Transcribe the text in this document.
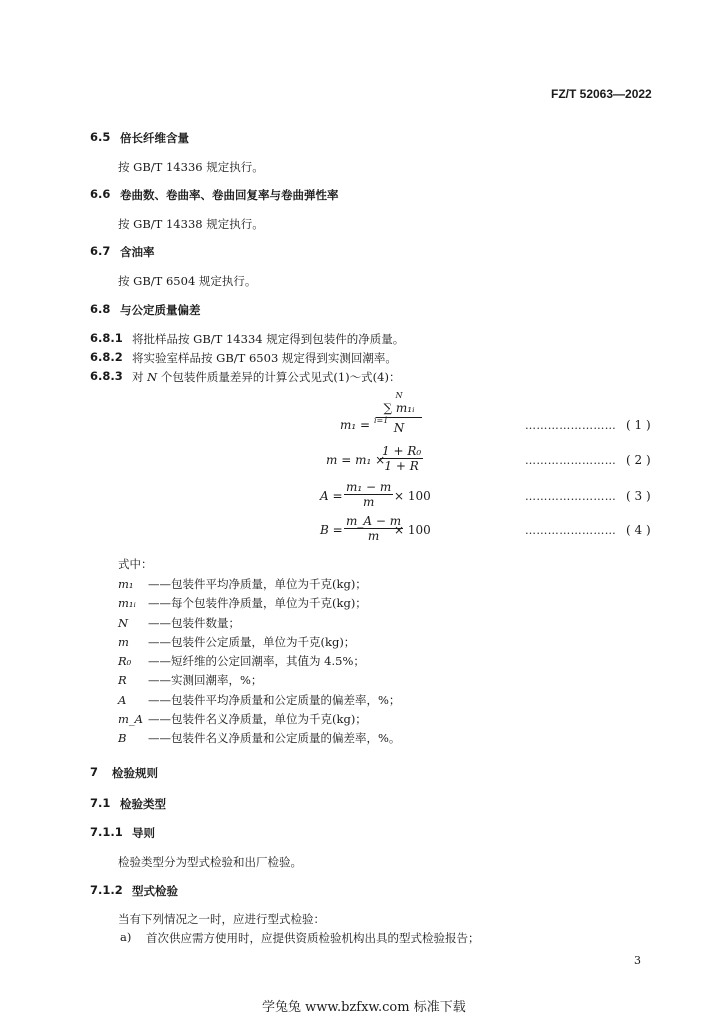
FZ/T 52063—2022
6.5 倍长纤维含量
按 GB/T 14336 规定执行。
6.6 卷曲数、卷曲率、卷曲回复率与卷曲弹性率
按 GB/T 14338 规定执行。
6.7 含油率
按 GB/T 6504 规定执行。
6.8 与公定质量偏差
6.8.1 将批样品按 GB/T 14334 规定得到包装件的净质量。
6.8.2 将实验室样品按 GB/T 6503 规定得到实测回潮率。
6.8.3 对 N 个包装件质量差异的计算公式见式(1)～式(4)：
m₁ =
N
∑ m₁ᵢ
i=1
N	…………………… ( 1 )
m = m₁ ×
$\frac{\text{1 + R₀}}{1 + R}$	…………………… ( 2 )
$A = \frac{\text{m₁ − m}}{m} \times 100$	…………………… ( 3 )
$B = \frac{m\_A - m}{m}$
× 100	…………………… ( 4 )
式中：
m₁ ——包装件平均净质量，单位为千克(kg)；
m₁ᵢ ——每个包装件净质量，单位为千克(kg)；
N ——包装件数量；
m ——包装件公定质量，单位为千克(kg)；
R₀ ——短纤维的公定回潮率，其值为 4.5%；
R ——实测回潮率，%；
A ——包装件平均净质量和公定质量的偏差率，%；
m_A ——包装件名义净质量，单位为千克(kg)；
B ——包装件名义净质量和公定质量的偏差率，%。
7 检验规则
7.1 检验类型
7.1.1 导则
检验类型分为型式检验和出厂检验。
7.1.2 型式检验
当有下列情况之一时，应进行型式检验：
a) 首次供应需方使用时，应提供资质检验机构出具的型式检验报告；
3
学兔兔 www.bzfxw.com 标准下载
